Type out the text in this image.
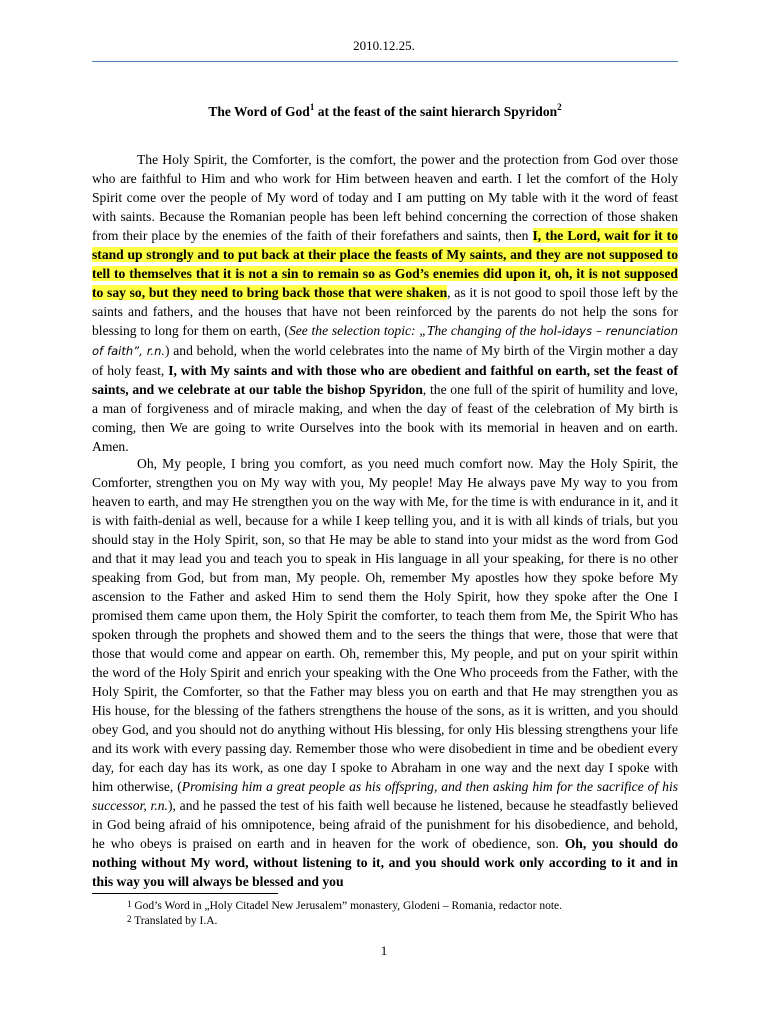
2010.12.25.
The Word of God$^1$ at the feast of the saint hierarch Spyridon$^2$

The Holy Spirit, the Comforter, is the comfort, the power and the protection from God over those who are faithful to Him and who work for Him between heaven and earth. I let the comfort of the Holy Spirit come over the people of My word of today and I am putting on My table with it the word of feast with saints. Because the Romanian people has been left behind concerning the correction of those shaken from their place by the enemies of the faith of their forefathers and saints, then I, the Lord, wait for it to stand up strongly and to put back at their place the feasts of My saints, and they are not supposed to tell to themselves that it is not a sin to remain so as God’s enemies did upon it, oh, it is not supposed to say so, but they need to bring back those that were shaken, as it is not good to spoil those left by the saints and fathers, and the houses that have not been reinforced by the parents do not help the sons for blessing to long for them on earth, (See the selection topic: „The changing of the hol-idays – renunciation of faith”, r.n.) and behold, when the world celebrates into the name of My birth of the Virgin mother a day of holy feast, I, with My saints and with those who are obedient and faithful on earth, set the feast of saints, and we celebrate at our table the bishop Spyridon, the one full of the spirit of humility and love, a man of forgiveness and of miracle making, and when the day of feast of the celebration of My birth is coming, then We are going to write Ourselves into the book with its memorial in heaven and on earth. Amen.

Oh, My people, I bring you comfort, as you need much comfort now. May the Holy Spirit, the Comforter, strengthen you on My way with you, My people! May He always pave My way to you from heaven to earth, and may He strengthen you on the way with Me, for the time is with endurance in it, and it is with faith-denial as well, because for a while I keep telling you, and it is with all kinds of trials, but you should stay in the Holy Spirit, son, so that He may be able to stand into your midst as the word from God and that it may lead you and teach you to speak in His language in all your speaking, for there is no other speaking from God, but from man, My people. Oh, remember My apostles how they spoke before My ascension to the Father and asked Him to send them the Holy Spirit, how they spoke after the One I promised them came upon them, the Holy Spirit the comforter, to teach them from Me, the Spirit Who has spoken through the prophets and showed them and to the seers the things that were, those that were that those that would come and appear on earth. Oh, remember this, My people, and put on your spirit within the word of the Holy Spirit and enrich your speaking with the One Who proceeds from the Father, with the Holy Spirit, the Comforter, so that the Father may bless you on earth and that He may strengthen you as His house, for the blessing of the fathers strengthens the house of the sons, as it is written, and you should obey God, and you should not do anything without His blessing, for only His blessing strengthens your life and its work with every passing day. Remember those who were disobedient in time and be obedient every day, for each day has its work, as one day I spoke to Abraham in one way and the next day I spoke with him otherwise, (Promising him a great people as his offspring, and then asking him for the sacrifice of his successor, r.n.), and he passed the test of his faith well because he listened, because he steadfastly believed in God being afraid of his omnipotence, being afraid of the punishment for his disobedience, and behold, he who obeys is praised on earth and in heaven for the work of obedience, son. Oh, you should do nothing without My word, without listening to it, and you should work only according to it and in this way you will always be blessed and you

$^1$ God’s Word in „Holy Citadel New Jerusalem” monastery, Glodeni – Romania, redactor note.
$^2$ Translated by I.A.
1
